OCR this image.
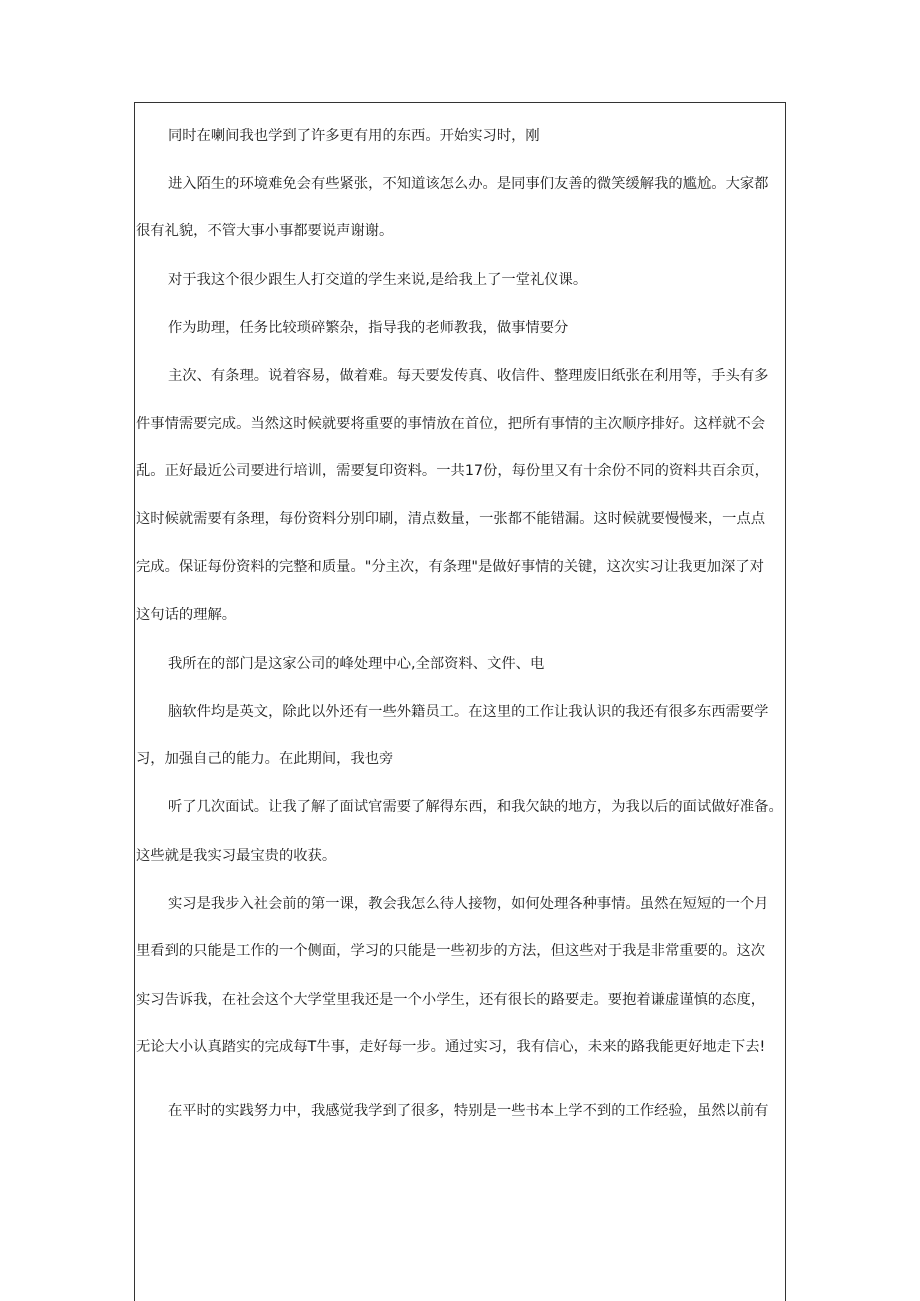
同时在喇间我也学到了许多更有用的东西。开始实习时，刚
进入陌生的环境难免会有些紧张，不知道该怎么办。是同事们友善的微笑缓解我的尴尬。大家都
很有礼貌，不管大事小事都要说声谢谢。
对于我这个很少跟生人打交道的学生来说,是给我上了一堂礼仪课。
作为助理，任务比较琐碎繁杂，指导我的老师教我，做事情要分
主次、有条理。说着容易，做着难。每天要发传真、收信件、整理废旧纸张在利用等，手头有多
件事情需要完成。当然这时候就要将重要的事情放在首位，把所有事情的主次顺序排好。这样就不会
乱。正好最近公司要进行培训，需要复印资料。一共17份，每份里又有十余份不同的资料共百余页，
这时候就需要有条理，每份资料分别印刷，清点数量，一张都不能错漏。这时候就要慢慢来，一点点
完成。保证每份资料的完整和质量。"分主次，有条理"是做好事情的关键，这次实习让我更加深了对
这句话的理解。
我所在的部门是这家公司的峰处理中心,全部资料、文件、电
脑软件均是英文，除此以外还有一些外籍员工。在这里的工作让我认识的我还有很多东西需要学
习，加强自己的能力。在此期间，我也旁
听了几次面试。让我了解了面试官需要了解得东西，和我欠缺的地方，为我以后的面试做好准备。
这些就是我实习最宝贵的收获。
实习是我步入社会前的第一课，教会我怎么待人接物，如何处理各种事情。虽然在短短的一个月
里看到的只能是工作的一个侧面，学习的只能是一些初步的方法，但这些对于我是非常重要的。这次
实习告诉我，在社会这个大学堂里我还是一个小学生，还有很长的路要走。要抱着谦虚谨慎的态度，
无论大小认真踏实的完成每T牛事，走好每一步。通过实习，我有信心，未来的路我能更好地走下去!
在平时的实践努力中，我感觉我学到了很多，特别是一些书本上学不到的工作经验，虽然以前有
